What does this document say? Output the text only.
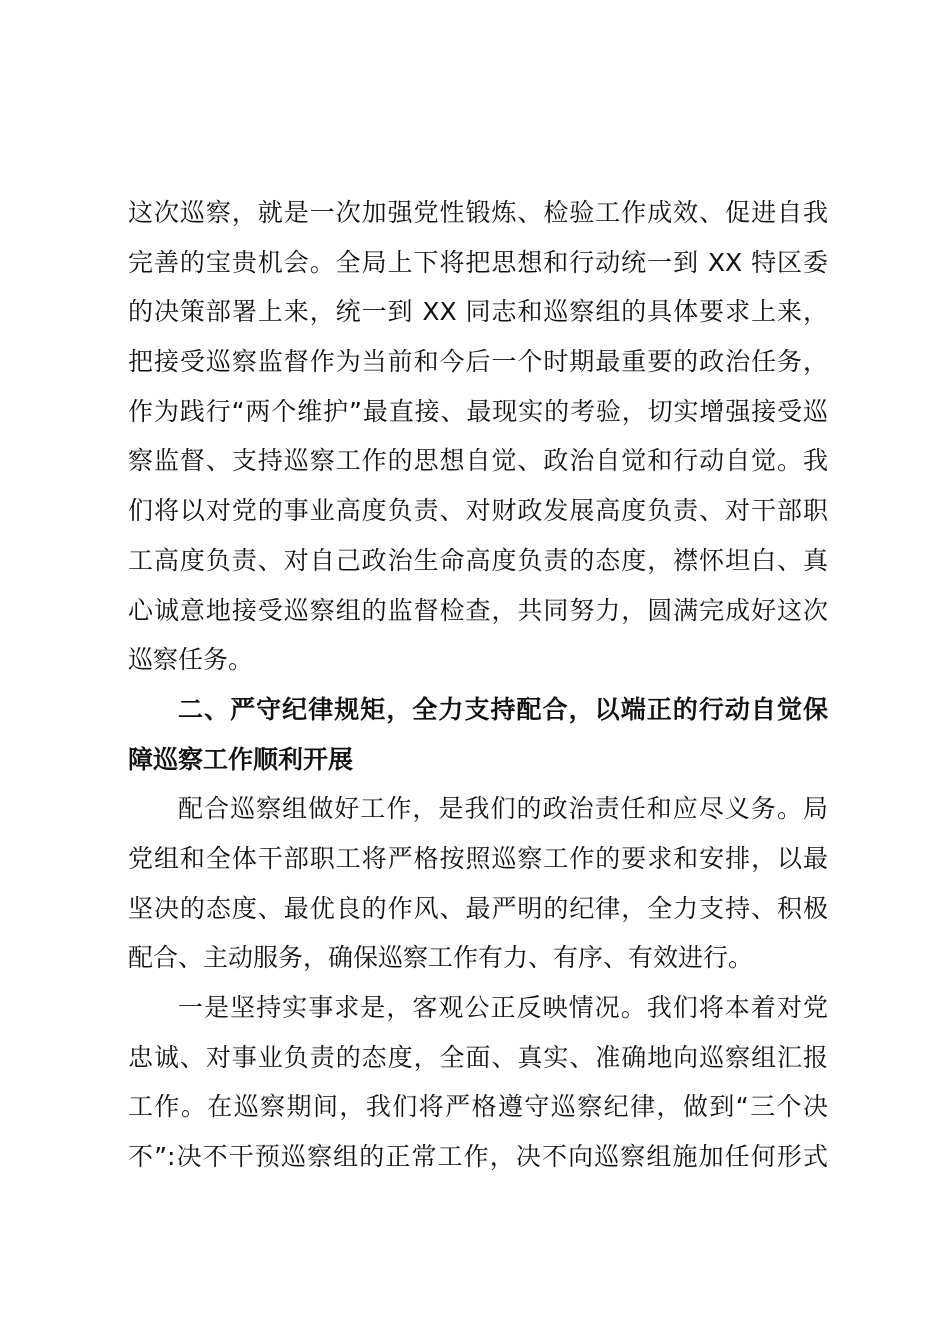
这次巡察，就是一次加强党性锻炼、检验工作成效、促进自我
完善的宝贵机会。全局上下将把思想和行动统一到 XX 特区委
的决策部署上来，统一到 XX 同志和巡察组的具体要求上来，
把接受巡察监督作为当前和今后一个时期最重要的政治任务，
作为践行“两个维护”最直接、最现实的考验，切实增强接受巡
察监督、支持巡察工作的思想自觉、政治自觉和行动自觉。我
们将以对党的事业高度负责、对财政发展高度负责、对干部职
工高度负责、对自己政治生命高度负责的态度，襟怀坦白、真
心诚意地接受巡察组的监督检查，共同努力，圆满完成好这次
巡察任务。
二、严守纪律规矩，全力支持配合，以端正的行动自觉保
障巡察工作顺利开展
配合巡察组做好工作，是我们的政治责任和应尽义务。局
党组和全体干部职工将严格按照巡察工作的要求和安排，以最
坚决的态度、最优良的作风、最严明的纪律，全力支持、积极
配合、主动服务，确保巡察工作有力、有序、有效进行。
一是坚持实事求是，客观公正反映情况。我们将本着对党
忠诚、对事业负责的态度，全面、真实、准确地向巡察组汇报
工作。在巡察期间，我们将严格遵守巡察纪律，做到“三个决
不”:决不干预巡察组的正常工作，决不向巡察组施加任何形式
